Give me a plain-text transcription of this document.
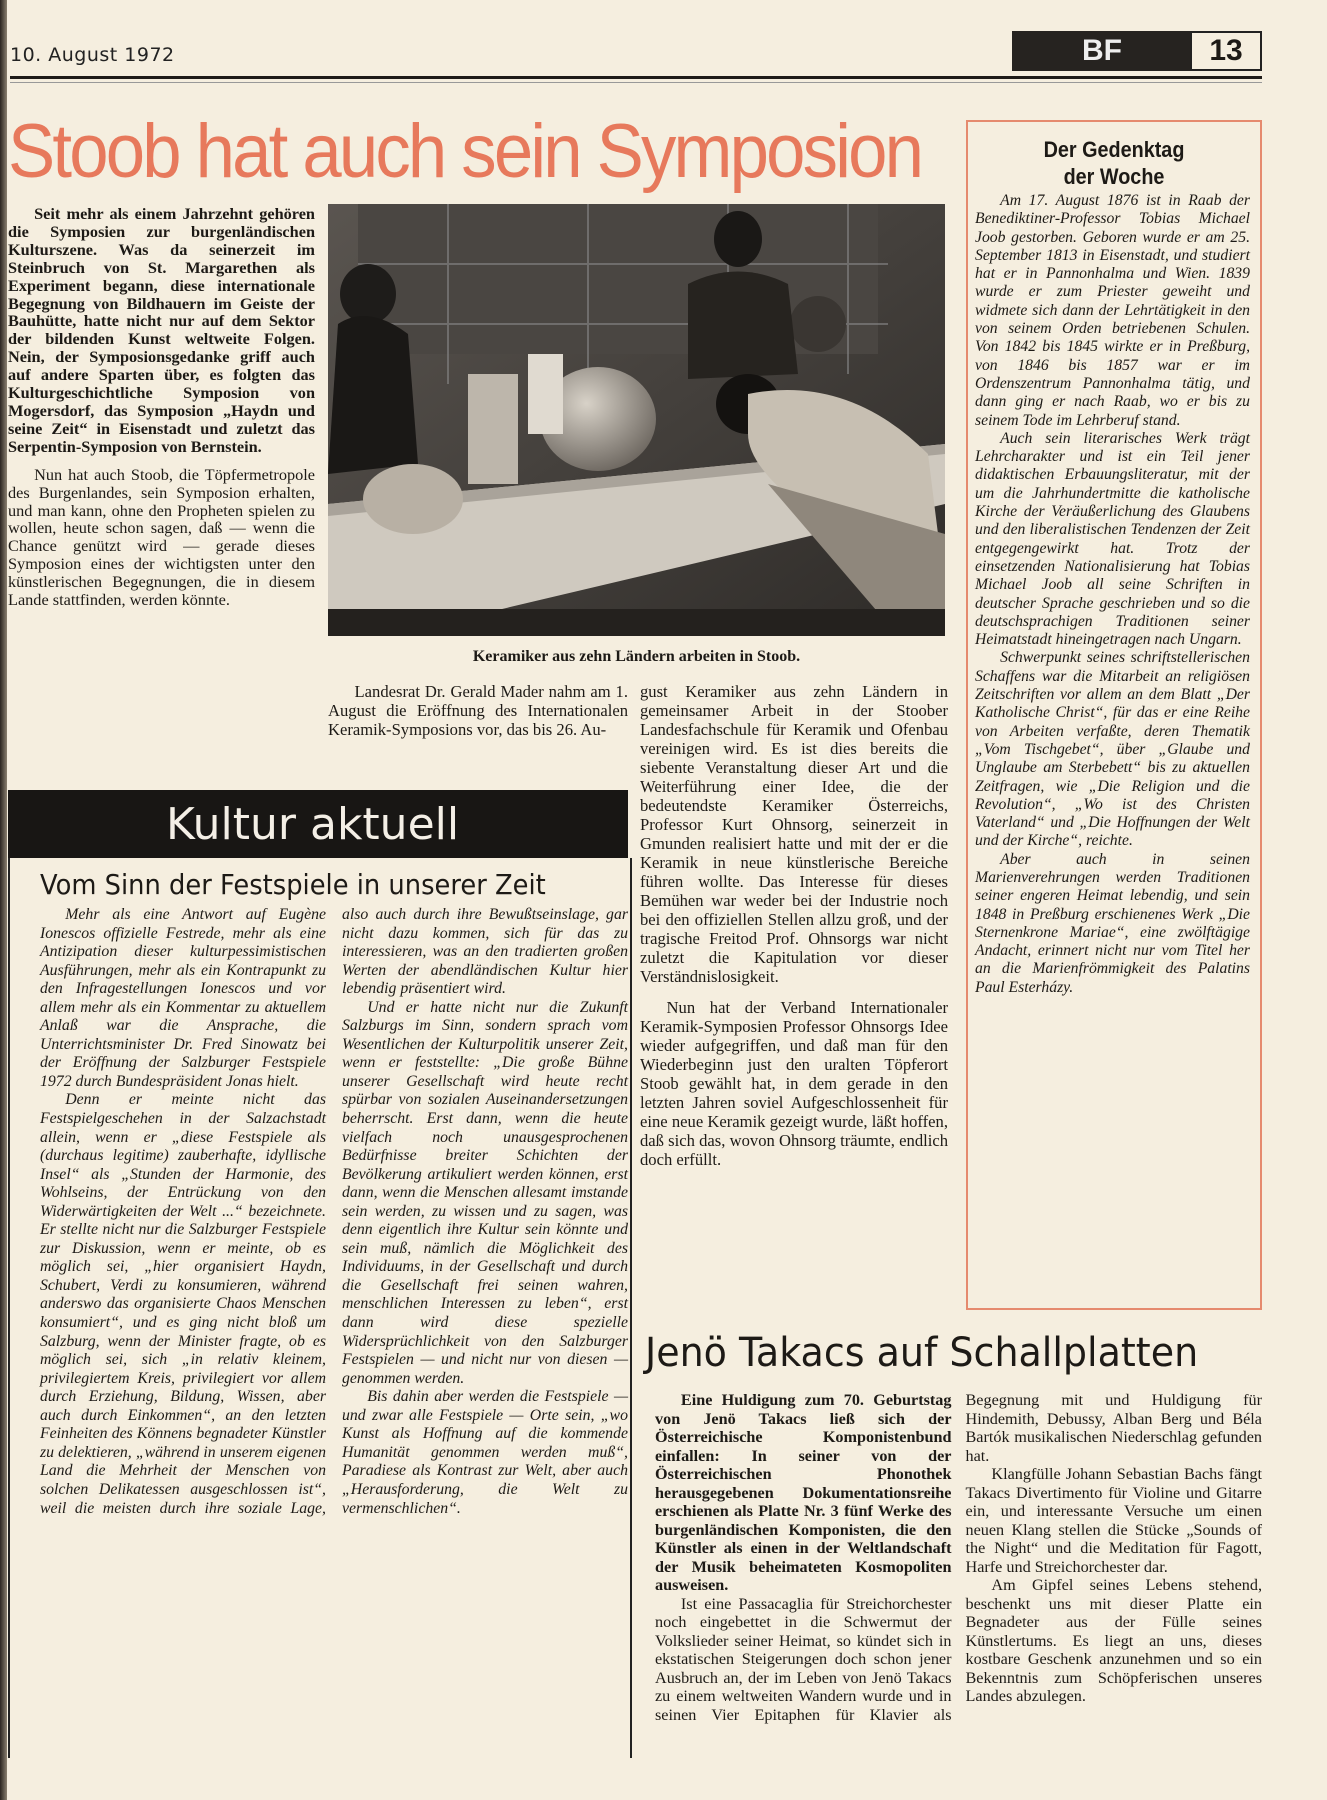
10. August 1972	BF	13
Stoob hat auch sein Symposion

Seit mehr als einem Jahrzehnt gehören die Symposien zur burgenländischen Kulturszene. Was da seinerzeit im Steinbruch von St. Margarethen als Experiment begann, diese internationale Begegnung von Bildhauern im Geiste der Bauhütte, hatte nicht nur auf dem Sektor der bildenden Kunst weltweite Folgen. Nein, der Symposionsgedanke griff auch auf andere Sparten über, es folgten das Kulturgeschichtliche Symposion von Mogersdorf, das Symposion „Haydn und seine Zeit“ in Eisenstadt und zuletzt das Serpentin-Symposion von Bernstein.

Nun hat auch Stoob, die Töpfermetropole des Burgenlandes, sein Symposion erhalten, und man kann, ohne den Propheten spielen zu wollen, heute schon sagen, daß — wenn die Chance genützt wird — gerade dieses Symposion eines der wichtigsten unter den künstlerischen Begegnungen, die in diesem Lande stattfinden, werden könnte.

Keramiker aus zehn Ländern arbeiten in Stoob.

Landesrat Dr. Gerald Mader nahm am 1. August die Eröffnung des Internationalen Keramik-Symposions vor, das bis 26. Au-

gust Keramiker aus zehn Ländern in gemeinsamer Arbeit in der Stoober Landesfachschule für Keramik und Ofenbau vereinigen wird. Es ist dies bereits die siebente Veranstaltung dieser Art und die Weiterführung einer Idee, die der bedeutendste Keramiker Österreichs, Professor Kurt Ohnsorg, seinerzeit in Gmunden realisiert hatte und mit der er die Keramik in neue künstlerische Bereiche führen wollte. Das Interesse für dieses Bemühen war weder bei der Industrie noch bei den offiziellen Stellen allzu groß, und der tragische Freitod Prof. Ohnsorgs war nicht zuletzt die Kapitulation vor dieser Verständnislosigkeit.

Nun hat der Verband Internationaler Keramik-Symposien Professor Ohnsorgs Idee wieder aufgegriffen, und daß man für den Wiederbeginn just den uralten Töpferort Stoob gewählt hat, in dem gerade in den letzten Jahren soviel Aufgeschlossenheit für eine neue Keramik gezeigt wurde, läßt hoffen, daß sich das, wovon Ohnsorg träumte, endlich doch erfüllt.

Der Gedenktag
der Woche

Am 17. August 1876 ist in Raab der Benediktiner-Professor Tobias Michael Joob gestorben. Geboren wurde er am 25. September 1813 in Eisenstadt, und studiert hat er in Pannonhalma und Wien. 1839 wurde er zum Priester geweiht und widmete sich dann der Lehrtätigkeit in den von seinem Orden betriebenen Schulen. Von 1842 bis 1845 wirkte er in Preßburg, von 1846 bis 1857 war er im Ordenszentrum Pannonhalma tätig, und dann ging er nach Raab, wo er bis zu seinem Tode im Lehrberuf stand.

Auch sein literarisches Werk trägt Lehrcharakter und ist ein Teil jener didaktischen Erbauungsliteratur, mit der um die Jahrhundertmitte die katholische Kirche der Veräußerlichung des Glaubens und den liberalistischen Tendenzen der Zeit entgegengewirkt hat. Trotz der einsetzenden Nationalisierung hat Tobias Michael Joob all seine Schriften in deutscher Sprache geschrieben und so die deutschsprachigen Traditionen seiner Heimatstadt hineingetragen nach Ungarn.

Schwerpunkt seines schriftstellerischen Schaffens war die Mitarbeit an religiösen Zeitschriften vor allem an dem Blatt „Der Katholische Christ“, für das er eine Reihe von Arbeiten verfaßte, deren Thematik „Vom Tischgebet“, über „Glaube und Unglaube am Sterbebett“ bis zu aktuellen Zeitfragen, wie „Die Religion und die Revolution“, „Wo ist des Christen Vaterland“ und „Die Hoffnungen der Welt und der Kirche“, reichte.

Aber auch in seinen Marienverehrungen werden Traditionen seiner engeren Heimat lebendig, und sein 1848 in Preßburg erschienenes Werk „Die Sternenkrone Mariae“, eine zwölftägige Andacht, erinnert nicht nur vom Titel her an die Marienfrömmigkeit des Palatins Paul Esterházy.

Kultur aktuell
Vom Sinn der Festspiele in unserer Zeit

Mehr als eine Antwort auf Eugène Ionescos offizielle Festrede, mehr als eine Antizipation dieser kulturpessimistischen Ausführungen, mehr als ein Kontrapunkt zu den Infragestellungen Ionescos und vor allem mehr als ein Kommentar zu aktuellem Anlaß war die Ansprache, die Unterrichtsminister Dr. Fred Sinowatz bei der Eröffnung der Salzburger Festspiele 1972 durch Bundespräsident Jonas hielt.

Denn er meinte nicht das Festspielgeschehen in der Salzachstadt allein, wenn er „diese Festspiele als (durchaus legitime) zauberhafte, idyllische Insel“ als „Stunden der Harmonie, des Wohlseins, der Entrückung von den Widerwärtigkeiten der Welt ...“ bezeichnete. Er stellte nicht nur die Salzburger Festspiele zur Diskussion, wenn er meinte, ob es möglich sei, „hier organisiert Haydn, Schubert, Verdi zu konsumieren, während anderswo das organisierte Chaos Menschen konsumiert“, und es ging nicht bloß um Salzburg, wenn der Minister fragte, ob es möglich sei, sich „in relativ kleinem, privilegiertem Kreis, privilegiert vor allem durch Erziehung, Bildung, Wissen, aber auch durch Einkommen“, an den letzten Feinheiten des Könnens begnadeter Künstler zu delektieren, „während in unserem eigenen Land die Mehrheit der Menschen von solchen Delikatessen ausgeschlossen ist“, weil die meisten durch ihre soziale Lage, also auch durch ihre Bewußtseinslage, gar nicht dazu kommen, sich für das zu interessieren, was an den tradierten großen Werten der abendländischen Kultur hier lebendig präsentiert wird.

Und er hatte nicht nur die Zukunft Salzburgs im Sinn, sondern sprach vom Wesentlichen der Kulturpolitik unserer Zeit, wenn er feststellte: „Die große Bühne unserer Gesellschaft wird heute recht spürbar von sozialen Auseinandersetzungen beherrscht. Erst dann, wenn die heute vielfach noch unausgesprochenen Bedürfnisse breiter Schichten der Bevölkerung artikuliert werden können, erst dann, wenn die Menschen allesamt imstande sein werden, zu wissen und zu sagen, was denn eigentlich ihre Kultur sein könnte und sein muß, nämlich die Möglichkeit des Individuums, in der Gesellschaft und durch die Gesellschaft frei seinen wahren, menschlichen Interessen zu leben“, erst dann wird diese spezielle Widersprüchlichkeit von den Salzburger Festspielen — und nicht nur von diesen — genommen werden.

Bis dahin aber werden die Festspiele — und zwar alle Festspiele — Orte sein, „wo Kunst als Hoffnung auf die kommende Humanität genommen werden muß“, Paradiese als Kontrast zur Welt, aber auch „Herausforderung, die Welt zu vermenschlichen“.

Jenö Takacs auf Schallplatten

Eine Huldigung zum 70. Geburtstag von Jenö Takacs ließ sich der Österreichische Komponistenbund einfallen: In seiner von der Österreichischen Phonothek herausgegebenen Dokumentationsreihe erschienen als Platte Nr. 3 fünf Werke des burgenländischen Komponisten, die den Künstler als einen in der Weltlandschaft der Musik beheimateten Kosmopoliten ausweisen.

Ist eine Passacaglia für Streichorchester noch eingebettet in die Schwermut der Volkslieder seiner Heimat, so kündet sich in ekstatischen Steigerungen doch schon jener Ausbruch an, der im Leben von Jenö Takacs zu einem weltweiten Wandern wurde und in seinen Vier Epitaphen für Klavier als Begegnung mit und Huldigung für Hindemith, Debussy, Alban Berg und Béla Bartók musikalischen Niederschlag gefunden hat.

Klangfülle Johann Sebastian Bachs fängt Takacs Divertimento für Violine und Gitarre ein, und interessante Versuche um einen neuen Klang stellen die Stücke „Sounds of the Night“ und die Meditation für Fagott, Harfe und Streichorchester dar.

Am Gipfel seines Lebens stehend, beschenkt uns mit dieser Platte ein Begnadeter aus der Fülle seines Künstlertums. Es liegt an uns, dieses kostbare Geschenk anzunehmen und so ein Bekenntnis zum Schöpferischen unseres Landes abzulegen.
